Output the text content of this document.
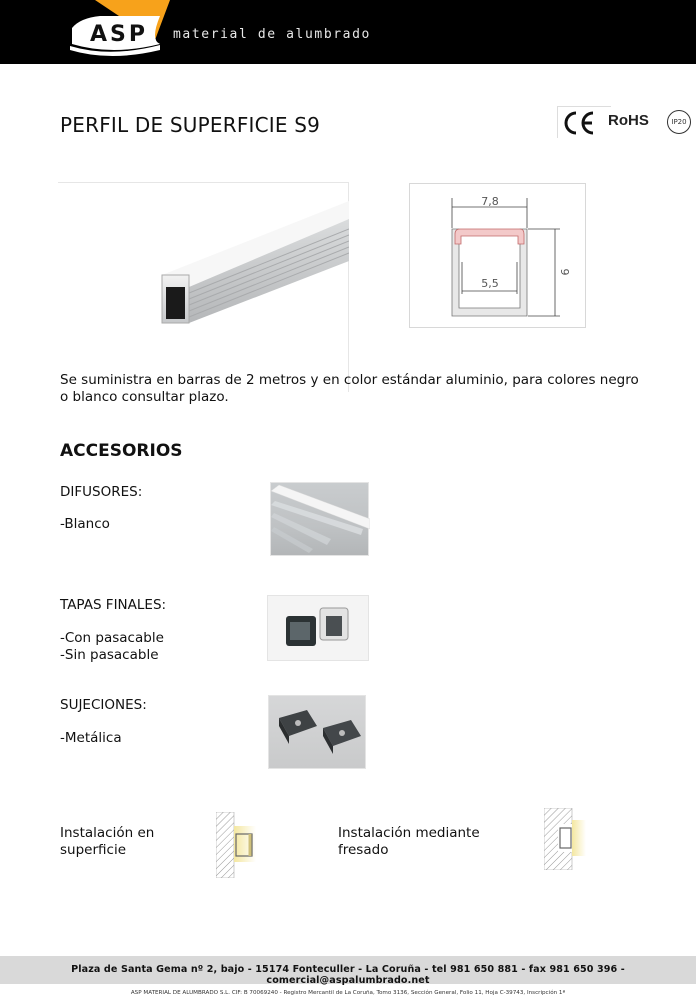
ASP material de alumbrado
PERFIL DE SUPERFICIE S9	RoHS	IP20
7,8
5,5
9

Se suministra en barras de 2 metros y en color estándar aluminio, para colores negro o blanco consultar plazo.

ACCESORIOS
DIFUSORES:
-Blanco
TAPAS FINALES:
-Con pasacable
-Sin pasacable
SUJECIONES:
-Metálica
Instalación en
superficie
Instalación mediante
fresado
Plaza de Santa Gema nº 2, bajo - 15174 Fonteculler - La Coruña - tel 981 650 881 - fax 981 650 396 - comercial@aspalumbrado.net
ASP MATERIAL DE ALUMBRADO S.L. CIF: B 70069240 - Registro Mercantil de La Coruña, Tomo 3136, Sección General, Folio 11, Hoja C-39743, Inscripción 1ª
